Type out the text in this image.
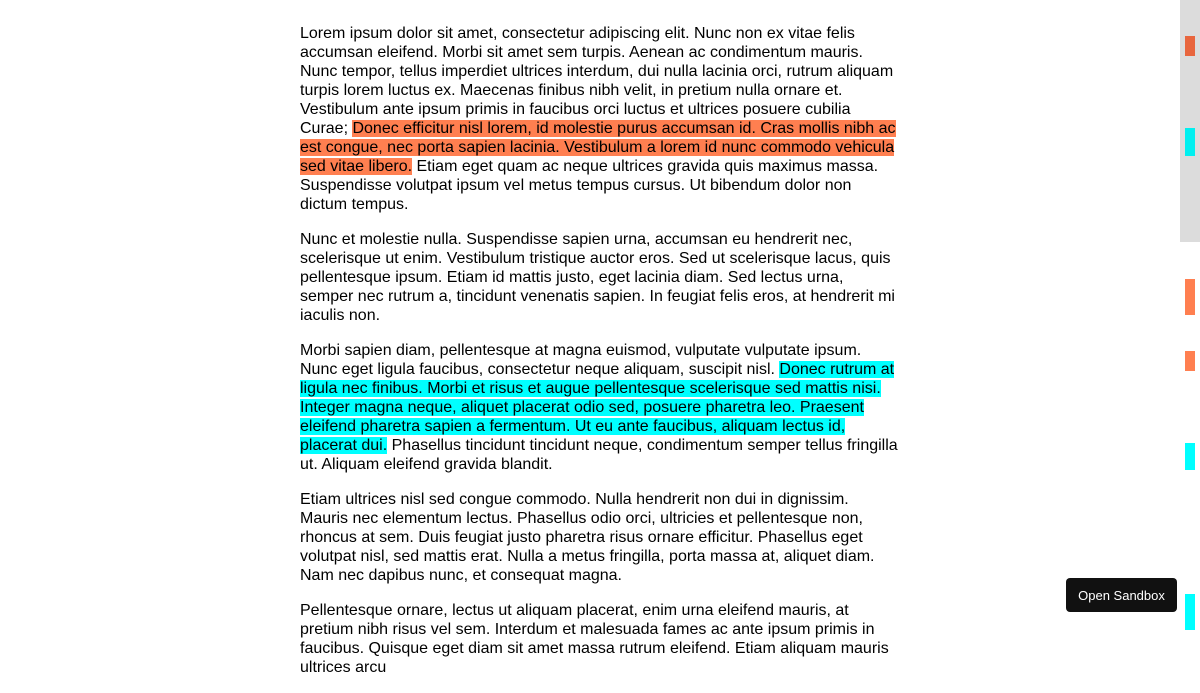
Lorem ipsum dolor sit amet, consectetur adipiscing elit. Nunc non ex vitae felis accumsan eleifend. Morbi sit amet sem turpis. Aenean ac condimentum mauris. Nunc tempor, tellus imperdiet ultrices interdum, dui nulla lacinia orci, rutrum aliquam turpis lorem luctus ex. Maecenas finibus nibh velit, in pretium nulla ornare et. Vestibulum ante ipsum primis in faucibus orci luctus et ultrices posuere cubilia Curae; Donec efficitur nisl lorem, id molestie purus accumsan id. Cras mollis nibh ac est congue, nec porta sapien lacinia. Vestibulum a lorem id nunc commodo vehicula sed vitae libero. Etiam eget quam ac neque ultrices gravida quis maximus massa. Suspendisse volutpat ipsum vel metus tempus cursus. Ut bibendum dolor non dictum tempus.

Nunc et molestie nulla. Suspendisse sapien urna, accumsan eu hendrerit nec, scelerisque ut enim. Vestibulum tristique auctor eros. Sed ut scelerisque lacus, quis pellentesque ipsum. Etiam id mattis justo, eget lacinia diam. Sed lectus urna, semper nec rutrum a, tincidunt venenatis sapien. In feugiat felis eros, at hendrerit mi iaculis non.

Morbi sapien diam, pellentesque at magna euismod, vulputate vulputate ipsum. Nunc eget ligula faucibus, consectetur neque aliquam, suscipit nisl. Donec rutrum at ligula nec finibus. Morbi et risus et augue pellentesque scelerisque sed mattis nisi. Integer magna neque, aliquet placerat odio sed, posuere pharetra leo. Praesent eleifend pharetra sapien a fermentum. Ut eu ante faucibus, aliquam lectus id, placerat dui. Phasellus tincidunt tincidunt neque, condimentum semper tellus fringilla ut. Aliquam eleifend gravida blandit.

Etiam ultrices nisl sed congue commodo. Nulla hendrerit non dui in dignissim. Mauris nec elementum lectus. Phasellus odio orci, ultricies et pellentesque non, rhoncus at sem. Duis feugiat justo pharetra risus ornare efficitur. Phasellus eget volutpat nisl, sed mattis erat. Nulla a metus fringilla, porta massa at, aliquet diam. Nam nec dapibus nunc, et consequat magna.

Pellentesque ornare, lectus ut aliquam placerat, enim urna eleifend mauris, at pretium nibh risus vel sem. Interdum et malesuada fames ac ante ipsum primis in faucibus. Quisque eget diam sit amet massa rutrum eleifend. Etiam aliquam mauris ultrices arcu

Open Sandbox
